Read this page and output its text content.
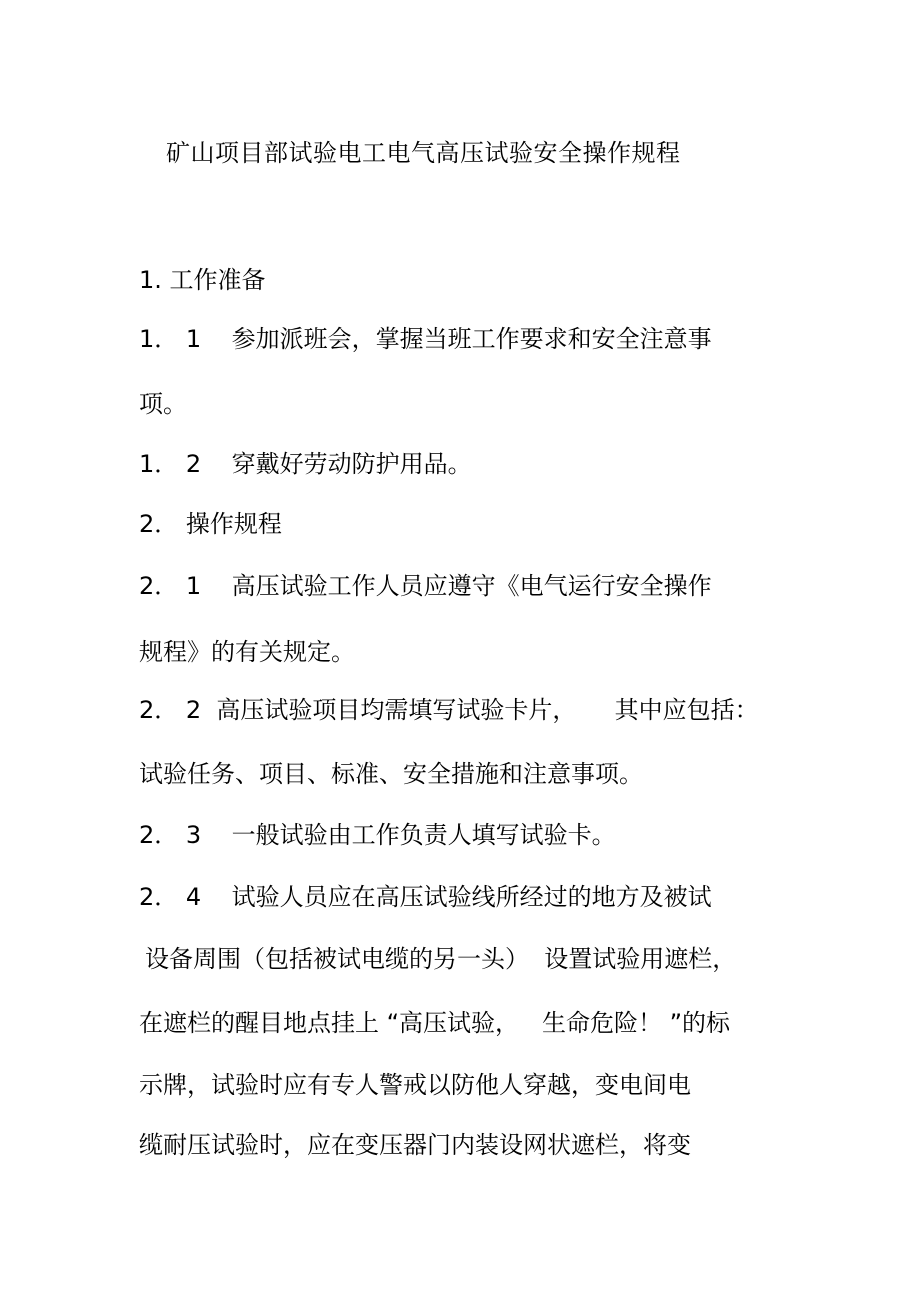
矿山项目部试验电工电气高压试验安全操作规程
1. 工作准备
1． 1    参加派班会，掌握当班工作要求和安全注意事
项。
1． 2    穿戴好劳动防护用品。
2． 操作规程
2． 1    高压试验工作人员应遵守《电气运行安全操作
规程》的有关规定。
2． 2  高压试验项目均需填写试验卡片，     其中应包括：
试验任务、项目、标准、安全措施和注意事项。
2． 3    一般试验由工作负责人填写试验卡。
2． 4    试验人员应在高压试验线所经过的地方及被试
设备周围（包括被试电缆的另一头）  设置试验用遮栏，
在遮栏的醒目地点挂上 “高压试验，   生命危险！ ”的标
示牌，试验时应有专人警戒以防他人穿越，变电间电
缆耐压试验时，应在变压器门内装设网状遮栏，将变
